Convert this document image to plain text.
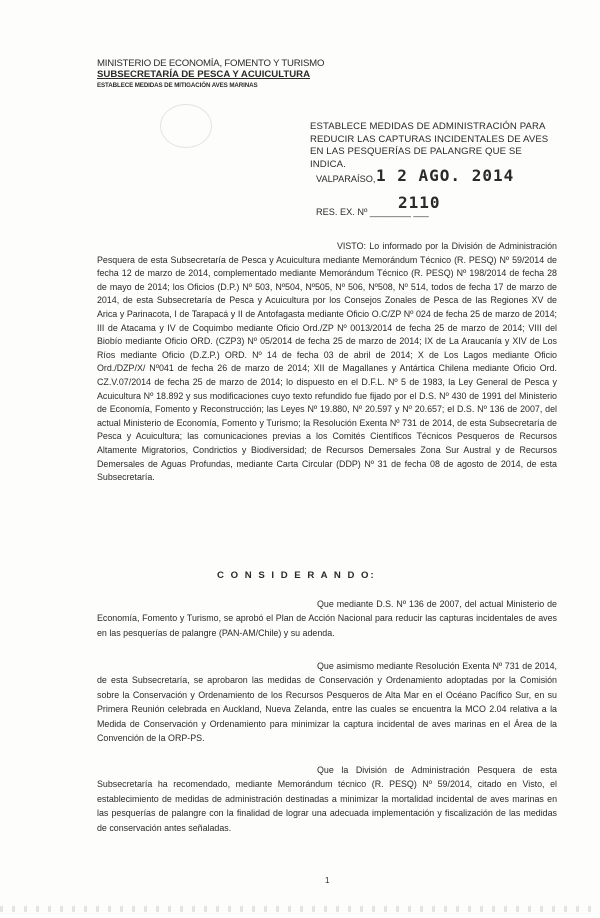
MINISTERIO DE ECONOMÍA, FOMENTO Y TURISMO
SUBSECRETARÍA DE PESCA Y ACUICULTURA
ESTABLECE MEDIDAS DE MITIGACIÓN AVES MARINAS
ESTABLECE MEDIDAS DE ADMINISTRACIÓN PARA REDUCIR LAS CAPTURAS INCIDENTALES DE AVES EN LAS PESQUERÍAS DE PALANGRE QUE SE INDICA.
VALPARAÍSO, 1 2 AGO. 2014
RES. EX. Nº ________ ___
2110

VISTO: Lo informado por la División de Administración Pesquera de esta Subsecretaría de Pesca y Acuicultura mediante Memorándum Técnico (R. PESQ) Nº 59/2014 de fecha 12 de marzo de 2014, complementado mediante Memorándum Técnico (R. PESQ) Nº 198/2014 de fecha 28 de mayo de 2014; los Oficios (D.P.) Nº 503, Nº504, Nº505, Nº 506, Nº508, Nº 514, todos de fecha 17 de marzo de 2014, de esta Subsecretaría de Pesca y Acuicultura por los Consejos Zonales de Pesca de las Regiones XV de Arica y Parinacota, I de Tarapacá y II de Antofagasta mediante Oficio O.C/ZP Nº 024 de fecha 25 de marzo de 2014; III de Atacama y IV de Coquimbo mediante Oficio Ord./ZP Nº 0013/2014 de fecha 25 de marzo de 2014; VIII del Biobío mediante Oficio ORD. (CZP3) Nº 05/2014 de fecha 25 de marzo de 2014; IX de La Araucanía y XIV de Los Ríos mediante Oficio (D.Z.P.) ORD. Nº 14 de fecha 03 de abril de 2014; X de Los Lagos mediante Oficio Ord./DZP/X/ Nº041 de fecha 26 de marzo de 2014; XII de Magallanes y Antártica Chilena mediante Oficio Ord. CZ.V.07/2014 de fecha 25 de marzo de 2014; lo dispuesto en el D.F.L. Nº 5 de 1983, la Ley General de Pesca y Acuicultura Nº 18.892 y sus modificaciones cuyo texto refundido fue fijado por el D.S. Nº 430 de 1991 del Ministerio de Economía, Fomento y Reconstrucción; las Leyes Nº 19.880, Nº 20.597 y Nº 20.657; el D.S. Nº 136 de 2007, del actual Ministerio de Economía, Fomento y Turismo; la Resolución Exenta Nº 731 de 2014, de esta Subsecretaría de Pesca y Acuicultura; las comunicaciones previas a los Comités Científicos Técnicos Pesqueros de Recursos Altamente Migratorios, Condrictios y Biodiversidad; de Recursos Demersales Zona Sur Austral y de Recursos Demersales de Aguas Profundas, mediante Carta Circular (DDP) Nº 31 de fecha 08 de agosto de 2014, de esta Subsecretaría.

C O N S I D E R A N D O:

Que mediante D.S. Nº 136 de 2007, del actual Ministerio de Economía, Fomento y Turismo, se aprobó el Plan de Acción Nacional para reducir las capturas incidentales de aves en las pesquerías de palangre (PAN-AM/Chile) y su adenda.

Que asimismo mediante Resolución Exenta Nº 731 de 2014, de esta Subsecretaría, se aprobaron las medidas de Conservación y Ordenamiento adoptadas por la Comisión sobre la Conservación y Ordenamiento de los Recursos Pesqueros de Alta Mar en el Océano Pacífico Sur, en su Primera Reunión celebrada en Auckland, Nueva Zelanda, entre las cuales se encuentra la MCO 2.04 relativa a la Medida de Conservación y Ordenamiento para minimizar la captura incidental de aves marinas en el Área de la Convención de la ORP-PS.

Que la División de Administración Pesquera de esta Subsecretaría ha recomendado, mediante Memorándum técnico (R. PESQ) Nº 59/2014, citado en Visto, el establecimiento de medidas de administración destinadas a minimizar la mortalidad incidental de aves marinas en las pesquerías de palangre con la finalidad de lograr una adecuada implementación y fiscalización de las medidas de conservación antes señaladas.

1
